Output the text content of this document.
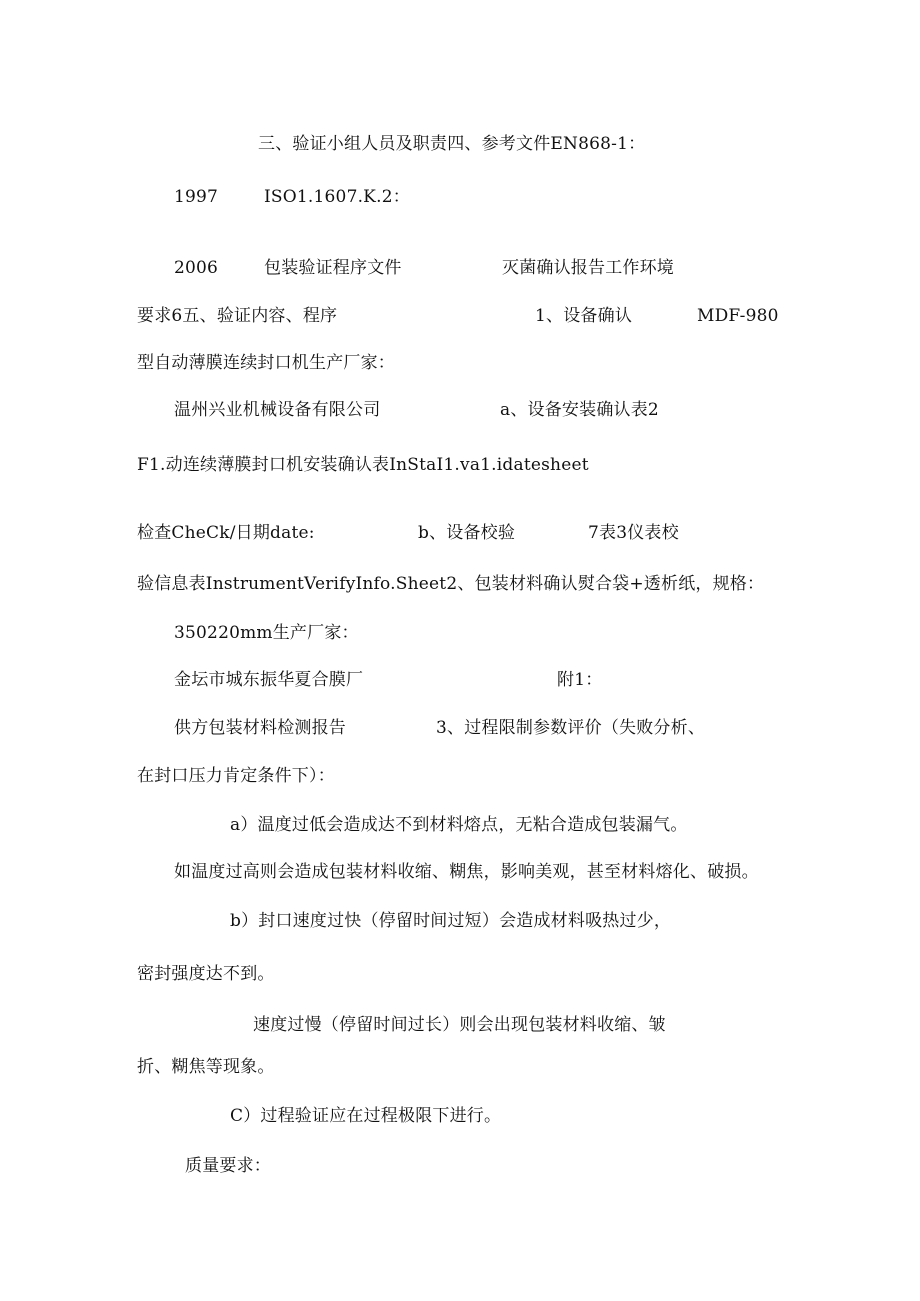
三、验证小组人员及职责四、参考文件EN868-1：
1997	ISO1.1607.K.2：
2006	包装验证程序文件	灭菌确认报告工作环境
要求6五、验证内容、程序	1、设备确认	MDF-980
型自动薄膜连续封口机生产厂家：
温州兴业机械设备有限公司	a、设备安装确认表2
F1.动连续薄膜封口机安装确认表InStaI1.va1.idatesheet
检查CheCk/日期date:	b、设备校验	7表3仪表校
验信息表InstrumentVerifyInfo.Sheet2、包装材料确认熨合袋+透析纸，规格：
350220mm生产厂家：
金坛市城东振华夏合膜厂	附1：
供方包装材料检测报告	3、过程限制参数评价（失败分析、
在封口压力肯定条件下）：
a）温度过低会造成达不到材料熔点，无粘合造成包装漏气。
如温度过高则会造成包装材料收缩、糊焦，影响美观，甚至材料熔化、破损。
b）封口速度过快（停留时间过短）会造成材料吸热过少，
密封强度达不到。
速度过慢（停留时间过长）则会出现包装材料收缩、皱
折、糊焦等现象。
C）过程验证应在过程极限下进行。
质量要求：
